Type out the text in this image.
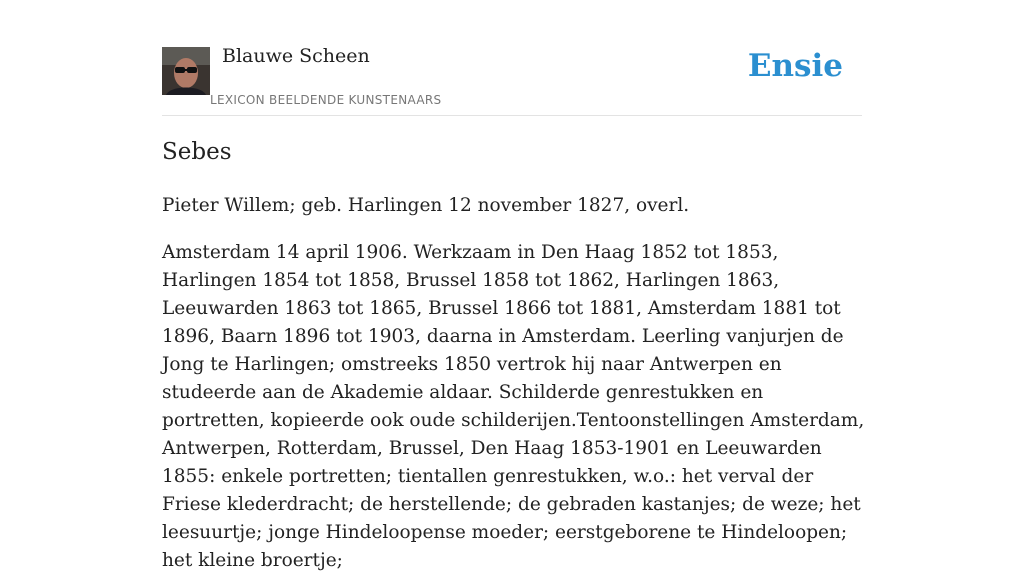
Blauwe Scheen
LEXICON BEELDENDE KUNSTENAARS
Ensie
Sebes

Pieter Willem; geb. Harlingen 12 november 1827, overl.

Amsterdam 14 april 1906. Werkzaam in Den Haag 1852 tot 1853, Harlingen 1854 tot 1858, Brussel 1858 tot 1862, Harlingen 1863, Leeuwarden 1863 tot 1865, Brussel 1866 tot 1881, Amsterdam 1881 tot 1896, Baarn 1896 tot 1903, daarna in Amsterdam. Leerling vanjurjen de Jong te Harlingen; omstreeks 1850 vertrok hij naar Antwerpen en studeerde aan de Akademie aldaar. Schilderde genrestukken en portretten, kopieerde ook oude schilderijen.Tentoonstellingen Amsterdam, Antwerpen, Rotterdam, Brussel, Den Haag 1853-1901 en Leeuwarden 1855: enkele portretten; tientallen genrestukken, w.o.: het verval der Friese klederdracht; de herstellende; de gebraden kastanjes; de weze; het leesuurtje; jonge Hindeloopense moeder; eerstgeborene te Hindeloopen; het kleine broertje;
